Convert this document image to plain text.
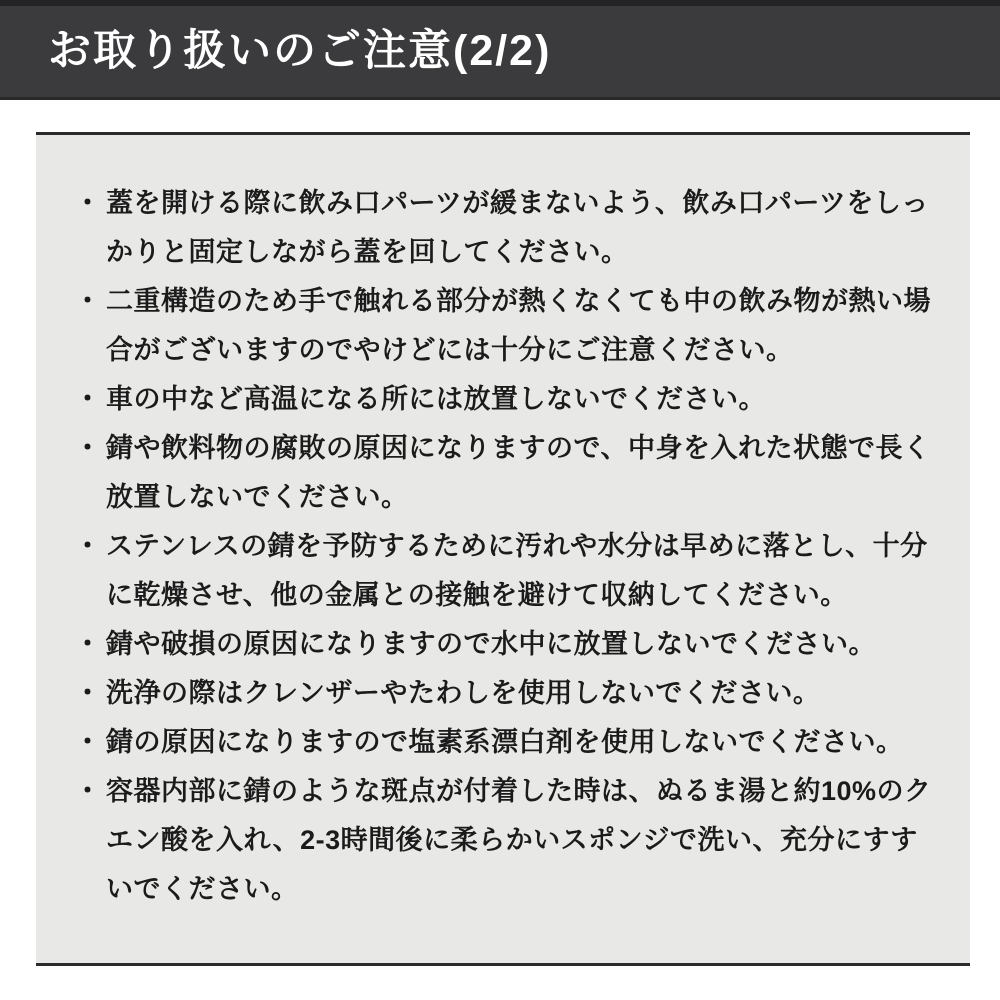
お取り扱いのご注意(2/2)
・ 蓋を開ける際に飲み口パーツが緩まないよう、飲み口パーツをしっ
かりと固定しながら蓋を回してください。
・ 二重構造のため手で触れる部分が熱くなくても中の飲み物が熱い場
合がございますのでやけどには十分にご注意ください。
・ 車の中など高温になる所には放置しないでください。
・ 錆や飲料物の腐敗の原因になりますので、中身を入れた状態で長く
放置しないでください。
・ ステンレスの錆を予防するために汚れや水分は早めに落とし、十分
に乾燥させ、他の金属との接触を避けて収納してください。
・ 錆や破損の原因になりますので水中に放置しないでください。
・ 洗浄の際はクレンザーやたわしを使用しないでください。
・ 錆の原因になりますので塩素系漂白剤を使用しないでください。
・ 容器内部に錆のような斑点が付着した時は、ぬるま湯と約10%のク
エン酸を入れ、2-3時間後に柔らかいスポンジで洗い、充分にすす
いでください。
